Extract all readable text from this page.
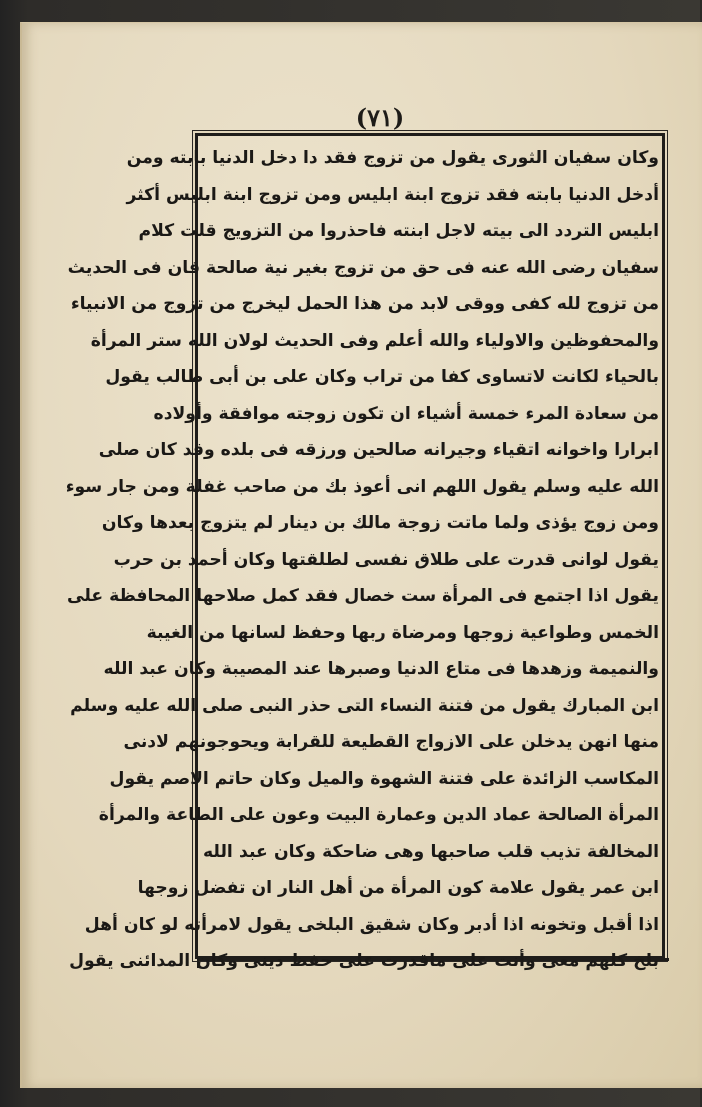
(٧١)
وكان سفيان الثورى يقول من تزوج فقد دا دخل الدنيا بابته ومن
أدخل الدنيا بابته فقد تزوج ابنة ابليس ومن تزوج ابنة ابليس أكثر
ابليس التردد الى بيته لاجل ابنته فاحذروا من التزويج قلت كلام
سفيان رضى الله عنه فى حق من تزوج بغير نية صالحة فان فى الحديث
من تزوج لله كفى ووقى لابد من هذا الحمل ليخرج من تزوج من الانبياء
والمحفوظين والاولياء والله أعلم وفى الحديث لولان الله ستر المرأة
بالحياء لكانت لاتساوى كفا من تراب وكان على بن أبى طالب يقول
من سعادة المرء خمسة أشياء ان تكون زوجته موافقة وأولاده
ابرارا واخوانه اتقياء وجيرانه صالحين ورزقه فى بلده وقد كان صلى
الله عليه وسلم يقول اللهم انى أعوذ بك من صاحب غفلة ومن جار سوء
ومن زوج يؤذى ولما ماتت زوجة مالك بن دينار لم يتزوج بعدها وكان
يقول لوانى قدرت على طلاق نفسى لطلقتها وكان أحمد بن حرب
يقول اذا اجتمع فى المرأة ست خصال فقد كمل صلاحها المحافظة على
الخمس وطواعية زوجها ومرضاة ربها وحفظ لسانها من الغيبة
والنميمة وزهدها فى متاع الدنيا وصبرها عند المصيبة وكان عبد الله
ابن المبارك يقول من فتنة النساء التى حذر النبى صلى الله عليه وسلم
منها انهن يدخلن على الازواج القطيعة للقرابة ويحوجونهم لادنى
المكاسب الزائدة على فتنة الشهوة والميل وكان حاتم الاصم يقول
المرأة الصالحة عماد الدين وعمارة البيت وعون على الطاعة والمرأة
المخالفة تذيب قلب صاحبها وهى ضاحكة وكان عبد الله
ابن عمر يقول علامة كون المرأة من أهل النار ان تفضل زوجها
اذا أقبل وتخونه اذا أدبر وكان شقيق البلخى يقول لامرأته لو كان أهل
بلخ كلهم معى وأنت على ماقدرت على حفظ دينى وكان المدائنى يقول
